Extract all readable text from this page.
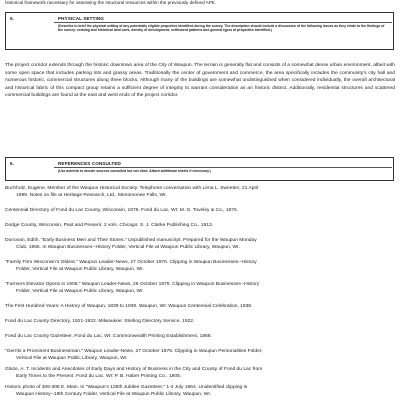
historical framework necessary for assessing the structural resources within the previously defined APE.
5.	PHYSICAL SETTING
(Describe in brief the physical setting of any potentially eligible properties identified during the survey. The description should include a discussion of the following issues as they relate to the findings of the survey: existing and historical land uses, density of development, settlement patterns and general types of properties identified.)
The project corridor extends through the historic downtown area of the City of Waupun. The terrain is generally flat and consists of a somewhat dense urban environment, albeit with some open space that includes parking lots and grassy areas. Traditionally the center of government and commerce, the area specifically includes the community's city hall and numerous historic, commercial structures along three blocks. Although many of the buildings are somewhat undistinguished when considered individually, the overall architectural and historical fabric of this compact group retains a sufficient degree of integrity to warrant consideration as an historic district. Additionally, residential structures and scattered commercial buildings are found at the east and west ends of the project corridor.
6.	REFERENCES CONSULTED
(Use asterisk to denote sources consulted but not cited. Attach additional sheets if necessary.)
Buchholz, Eugene. Member of the Waupun Historical Society. Telephone conversation with Lena L. Sweeten, 21 April
1999. Notes on file at Heritage Research, Ltd., Menomonee Falls, WI.
Centennial Directory of Fond du Lac County, Wisconsin, 1876. Fond du Lac, WI: M. G. Toveley & Co., 1876.
Dodge County, Wisconsin, Past and Present. 2 vols. Chicago: S. J. Clarke Publishing Co., 1913.
Donovan, Edith. "Early Business Men and Their Stores." Unpublished manuscript. Prepared for the Waupun Monday
Club, 1955. In Waupun Businesses--History Folder, Vertical File at Waupun Public Library, Waupun, WI.
"Family Firm Wisconsin's Oldest." Waupun Leader-News, 27 October 1976. Clipping in Waupun Businesses--History
Folder, Vertical File at Waupun Public Library, Waupun, WI.
"Farmers Elevator Opens in 1906." Waupun Leader-News, 26 October 1976. Clipping in Waupun Businesses--History
Folder, Vertical File at Waupun Public Library, Waupun, WI.
The First Hundred Years: A History of Waupun, 1839 to 1939. Waupun, WI: Waupun Centennial Celebration, 1939.
Fond du Lac County Directory, 1921-1922. Milwaukee: Sterling Directory Service, 1922.
Fond du Lac County Gazetteer. Fond du Lac, WI: Commonwealth Printing Establishment, 1868.
"Gerrits a Prominent Businessman." Waupun Leader-News, 27 October 1976. Clipping in Waupun Personalities Folder,
Vertical File at Waupun Public Library, Waupun, WI.
Glaze, A. T. Incidents and Anecdotes of Early Days and History of Business in the City and County of Fond du Lac from
Early Times to the Present. Fond du Lac, WI: P. B. Haber Printing Co., 1905.
Historic photo of 306-308 E. Main. In "Waupun's 125th Jubilee Gazetteer," 1-4 July 1964. Unidentified clipping in
Waupun History--19th Century Folder, Vertical File at Waupun Public Library, Waupun, WI.
